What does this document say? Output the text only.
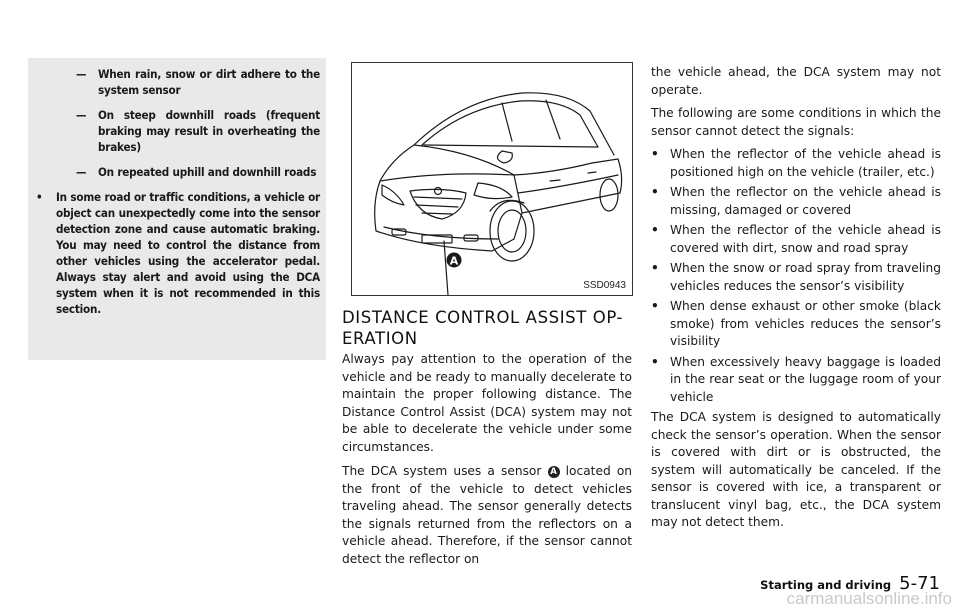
— When rain, snow or dirt adhere to the system sensor
— On steep downhill roads (frequent braking may result in overheating the brakes)
— On repeated uphill and downhill roads
• In some road or traffic conditions, a vehicle or object can unexpectedly come into the sensor detection zone and cause automatic braking. You may need to control the distance from other vehicles using the accelerator pedal. Always stay alert and avoid using the DCA system when it is not recommended in this section.
A
SSD0943
DISTANCE CONTROL ASSIST OP-ERATION

Always pay attention to the operation of the vehicle and be ready to manually decelerate to maintain the proper following distance. The Distance Control Assist (DCA) system may not be able to decelerate the vehicle under some circumstances.

The DCA system uses a sensor A located on the front of the vehicle to detect vehicles traveling ahead. The sensor generally detects the signals returned from the reflectors on a vehicle ahead. Therefore, if the sensor cannot detect the reflector on

the vehicle ahead, the DCA system may not operate.

The following are some conditions in which the sensor cannot detect the signals:

• When the reflector of the vehicle ahead is positioned high on the vehicle (trailer, etc.)
• When the reflector on the vehicle ahead is missing, damaged or covered
• When the reflector of the vehicle ahead is covered with dirt, snow and road spray
• When the snow or road spray from traveling vehicles reduces the sensor’s visibility
• When dense exhaust or other smoke (black smoke) from vehicles reduces the sensor’s visibility
• When excessively heavy baggage is loaded in the rear seat or the luggage room of your vehicle

The DCA system is designed to automatically check the sensor’s operation. When the sensor is covered with dirt or is obstructed, the system will automatically be canceled. If the sensor is covered with ice, a transparent or translucent vinyl bag, etc., the DCA system may not detect them.

Starting and driving 5-71
carmanualsonline.info
